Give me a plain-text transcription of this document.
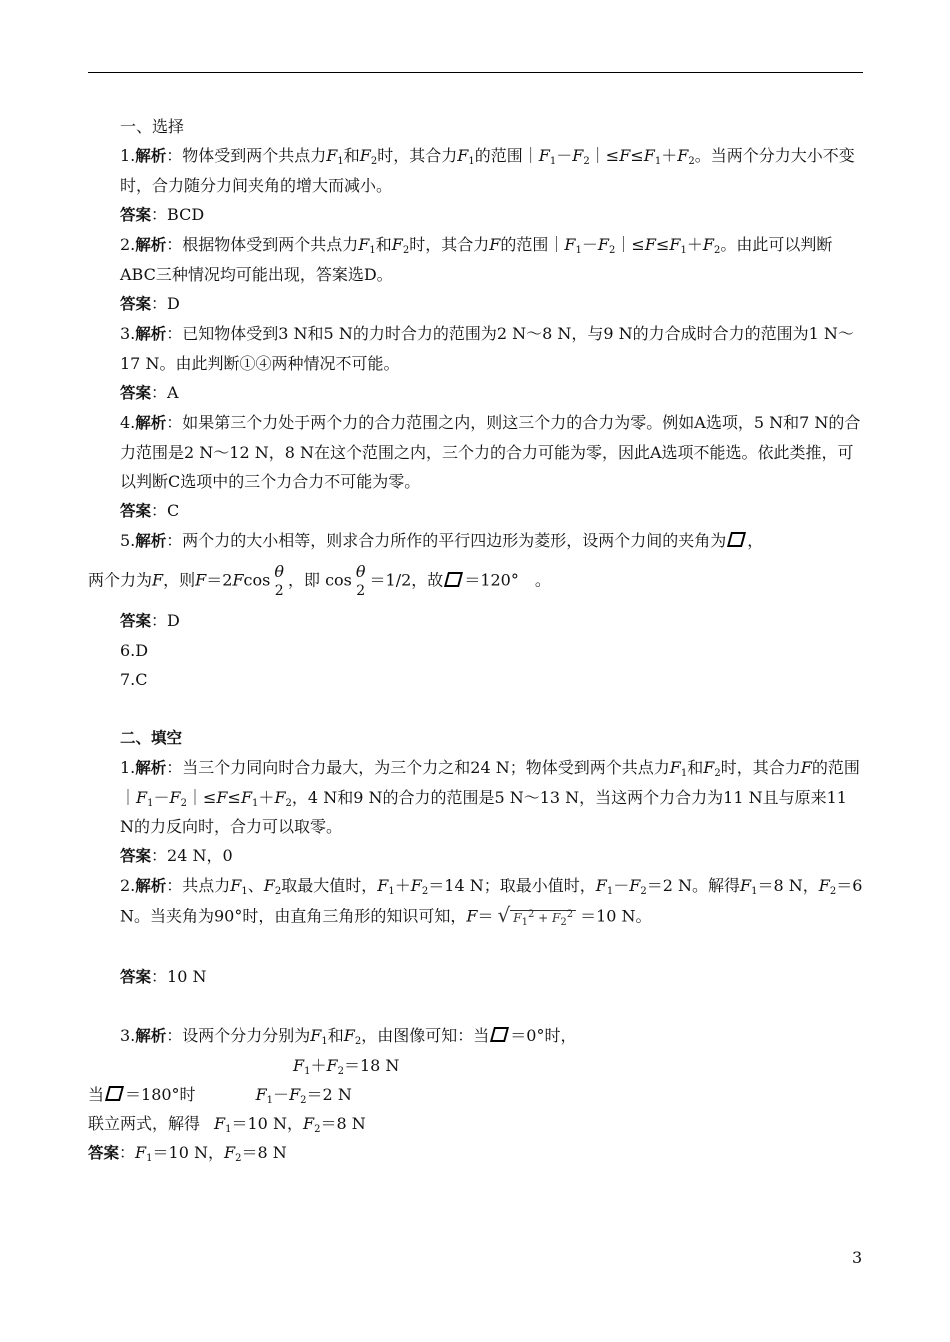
一、选择

1.解析：物体受到两个共点力$F_1$和$F_2$时，其合力$F_1$的范围$|F_1-F_2|\le F\le F_1+F_2$。当两个分力大小不变时，合力随分力间夹角的增大而减小。

答案：BCD

2.解析：根据物体受到两个共点力$F_1$和$F_2$时，其合力F的范围$|F_1-F_2|\le F\le F_1+F_2$。由此可以判断ABC三种情况均可能出现，答案选D。

答案：D

3.解析：已知物体受到3 N和5 N的力时合力的范围为2 N～8 N，与9 N的力合成时合力的范围为1 N～17 N。由此判断①④两种情况不可能。

答案：A

4.解析：如果第三个力处于两个力的合力范围之内，则这三个力的合力为零。例如A选项，5 N和7 N的合力范围是2 N～12 N，8 N在这个范围之内，三个力的合力可能为零，因此A选项不能选。依此类推，可以判断C选项中的三个力合力不可能为零。

答案：C

5.解析：两个力的大小相等，则求合力所作的平行四边形为菱形，设两个力间的夹角为 ，

两个力为F，则F＝2Fcos θ
2
，即 cos θ
2
＝1/2，故 ＝120°　。

答案：D

6.D

7.C

二、填空

1.解析：当三个力同向时合力最大，为三个力之和24 N；物体受到两个共点力$F_1$和$F_2$时，其合力F的范围$|F_1-F_2|\le F\le F_1+F_2$，4 N和9 N的合力的范围是5 N～13 N，当这两个力合力为11 N且与原来11 N的力反向时，合力可以取零。

答案：24 N，0

2.解析：共点力$F_1$、$F_2$取最大值时，$F_1+F_2=14$ N；取最小值时，$F_1-F_2=2$ N。解得$F_1=8$ N，$F_2=6$ N。当夹角为90°时，由直角三角形的知识可知，F＝ √ $F_1^2 + F_2^2 =10$ N。

答案：10 N

3.解析：设两个分力分别为$F_1$和$F_2$，由图像可知：当 ＝0°时，

$F_1+F_2=18$ N

当 ＝180°时	$F_1-F_2=2$ N

联立两式，解得 $F_1=10$ N，$F_2=8$ N

答案：$F_1=10$ N，$F_2=8$ N

3
